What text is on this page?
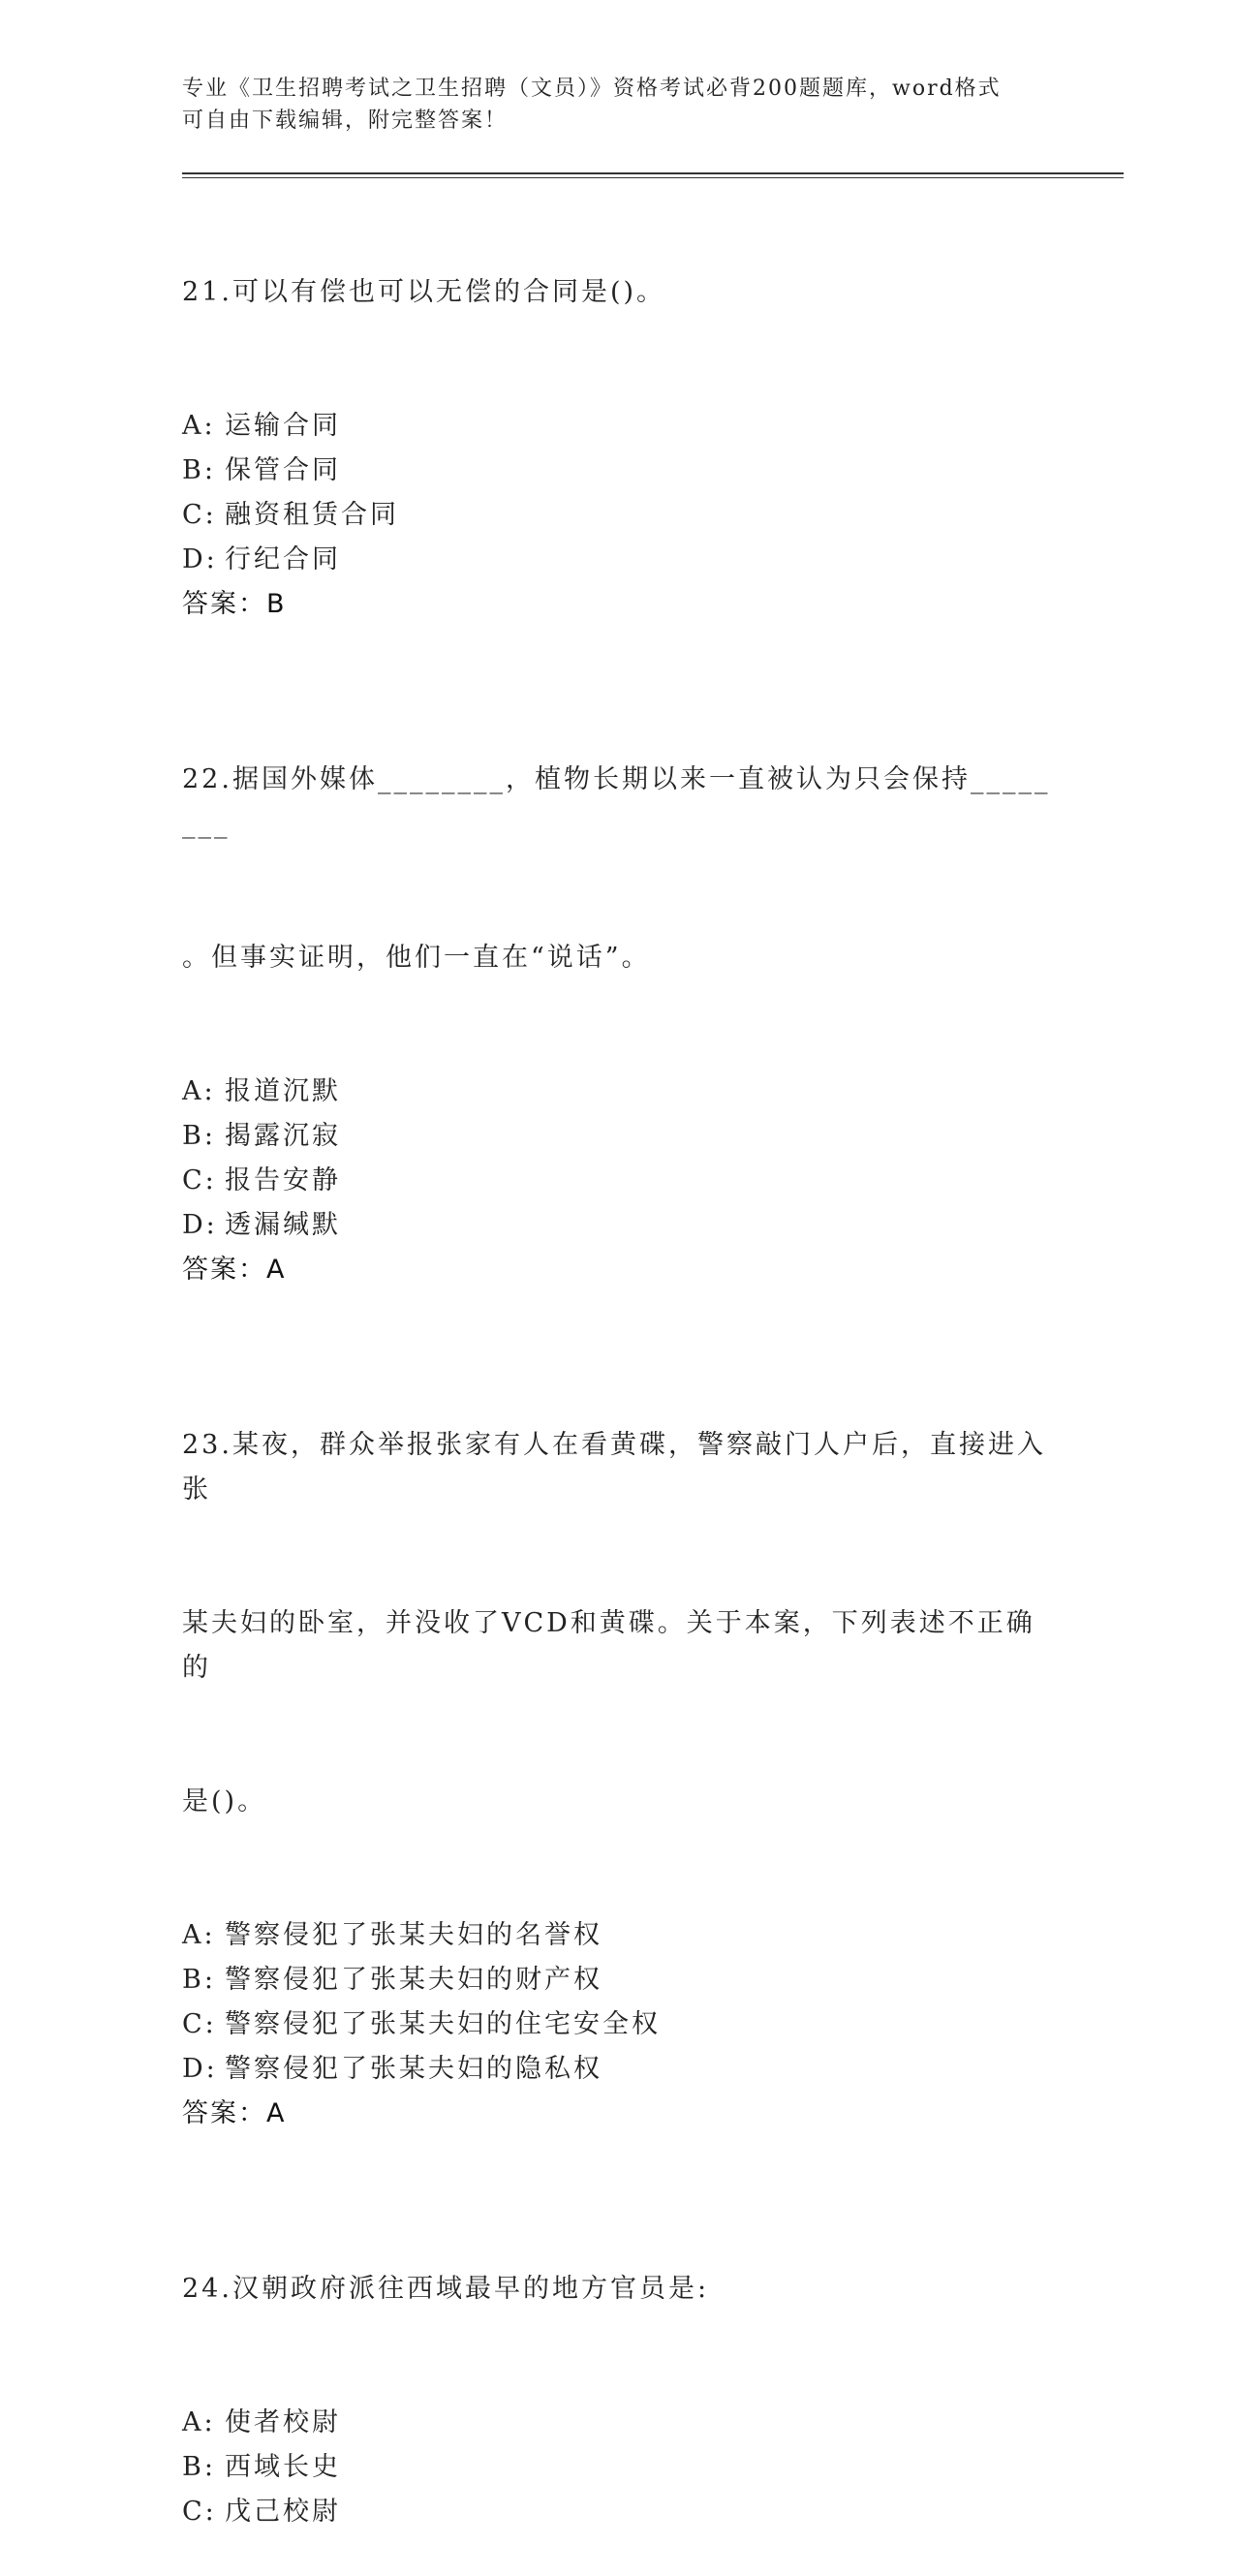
专业《卫生招聘考试之卫生招聘（文员）》资格考试必背200题题库，word格式
可自由下载编辑，附完整答案！

21.可以有偿也可以无偿的合同是()。

A: 运输合同

B: 保管合同

C: 融资租赁合同

D: 行纪合同

答案：B

22.据国外媒体________，植物长期以来一直被认为只会保持________

。但事实证明，他们一直在“说话”。

A: 报道沉默

B: 揭露沉寂

C: 报告安静

D: 透漏缄默

答案：A

23.某夜，群众举报张家有人在看黄碟，警察敲门人户后，直接进入张

某夫妇的卧室，并没收了VCD和黄碟。关于本案，下列表述不正确的

是()。

A: 警察侵犯了张某夫妇的名誉权

B: 警察侵犯了张某夫妇的财产权

C: 警察侵犯了张某夫妇的住宅安全权

D: 警察侵犯了张某夫妇的隐私权

答案：A

24.汉朝政府派往西域最早的地方官员是:

A: 使者校尉

B: 西域长史

C: 戊己校尉
